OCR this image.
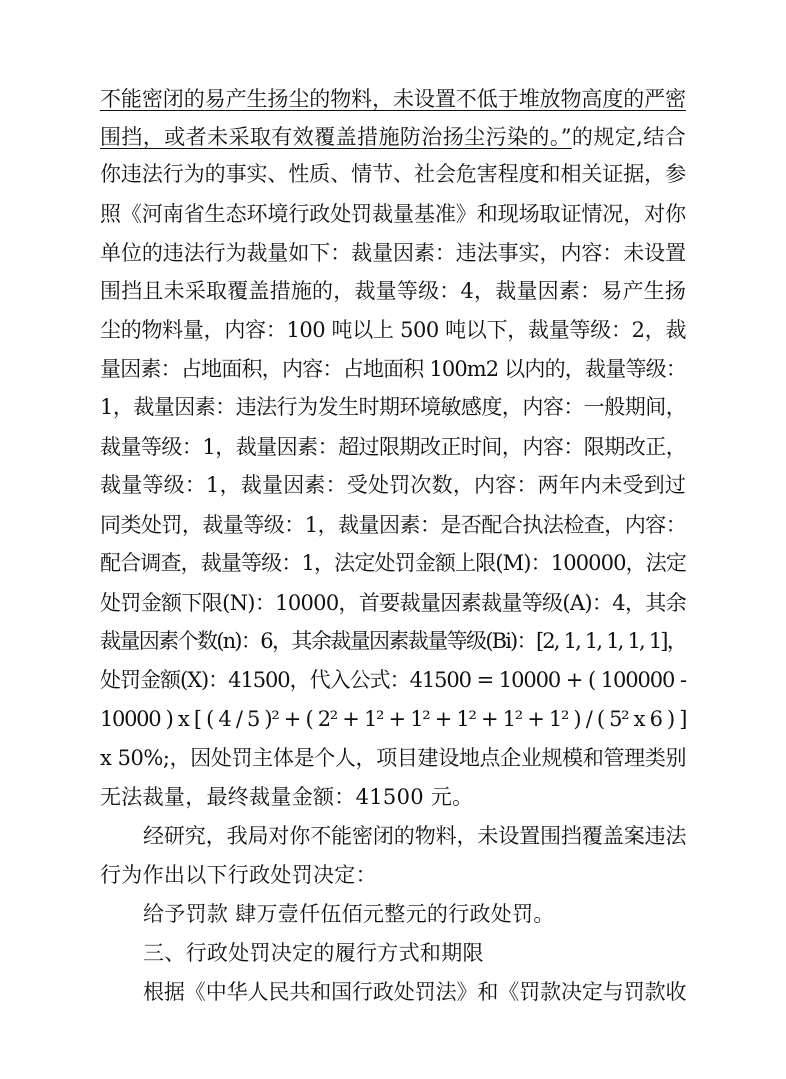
不能密闭的易产生扬尘的物料，未设置不低于堆放物高度的严密
围挡，或者未采取有效覆盖措施防治扬尘污染的。”的规定,结合
你违法行为的事实、性质、情节、社会危害程度和相关证据，参
照《河南省生态环境行政处罚裁量基准》和现场取证情况，对你
单位的违法行为裁量如下：裁量因素：违法事实，内容：未设置
围挡且未采取覆盖措施的，裁量等级：4，裁量因素：易产生扬
尘的物料量，内容：100 吨以上 500 吨以下，裁量等级：2，裁
量因素：占地面积，内容：占地面积 100m2 以内的，裁量等级：
1，裁量因素：违法行为发生时期环境敏感度，内容：一般期间，
裁量等级：1，裁量因素：超过限期改正时间，内容：限期改正，
裁量等级：1，裁量因素：受处罚次数，内容：两年内未受到过
同类处罚，裁量等级：1，裁量因素：是否配合执法检查，内容：
配合调查，裁量等级：1，法定处罚金额上限(M)：100000，法定
处罚金额下限(N)：10000，首要裁量因素裁量等级(A)：4，其余
裁量因素个数(n)：6，其余裁量因素裁量等级(Bi)：[2, 1, 1, 1, 1, 1]，
处罚金额(X)：41500，代入公式：41500 = 10000 + ( 100000 -
10000 ) x [ ( 4 / 5 )² + ( 2² + 1² + 1² + 1² + 1² + 1² ) / ( 5² x 6 ) ]
x 50%;，因处罚主体是个人，项目建设地点企业规模和管理类别
无法裁量，最终裁量金额：41500 元。
经研究，我局对你不能密闭的物料，未设置围挡覆盖案违法
行为作出以下行政处罚决定：
给予罚款 肆万壹仟伍佰元整元的行政处罚。
三、行政处罚决定的履行方式和期限
根据《中华人民共和国行政处罚法》和《罚款决定与罚款收
